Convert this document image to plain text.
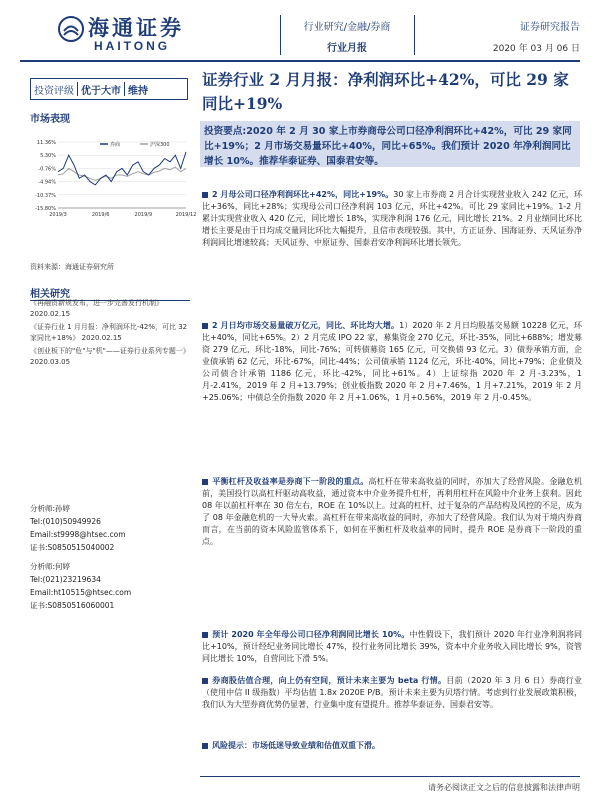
海通证券
HAITONG
行业研究/金融/券商
行业月报
证券研究报告
2020 年 03 月 06 日
投资评级 优于大市 维持
市场表现
11.36%
5.30%
-0.76%
-4.94%
-10.37%
-15.80%
2019/3	2019/6	2019/9	2019/12
券商	沪深300
资料来源：海通证券研究所
相关研究

《再融资新规发布，进一步完善发行机制》 2020.02.15

《证券行业 1 月月报：净利润环比-42%，可比 32 家同比+18%》 2020.02.15

《创业板下的"危"与"机"——证券行业系列专题一》 2020.03.05

分析师:孙婷

Tel:(010)50949926

Email:st9998@htsec.com

证书:S0850515040002

分析师:何婷

Tel:(021)23219634

Email:ht10515@htsec.com

证书:S0850516060001

证券行业 2 月月报：净利润环比+42%，可比 29 家同比+19%
投资要点:2020 年 2 月 30 家上市券商母公司口径净利润环比+42%，可比 29 家同比+19%；2 月市场交易量环比+40%，同比+65%。我们预计 2020 年净利润同比增长 10%。推荐华泰证券、国泰君安等。
2 月母公司口径净利润环比+42%，同比+19%。30 家上市券商 2 月合计实现营业收入 242 亿元，环比+36%，同比+28%；实现母公司口径净利润 103 亿元，环比+42%。可比 29 家同比+19%。1-2 月累计实现营业收入 420 亿元，同比增长 18%，实现净利润 176 亿元，同比增长 21%。2 月业绩同比环比增长主要是由于日均成交量同比环比大幅提升，且信市表现较强。其中，方正证券、国海证券、天风证券净利润同比增速较高；天风证券、中原证券、国泰君安净利润环比增长领先。
2 月日均市场交易量破万亿元，同比、环比均大增。1）2020 年 2 月日均股基交易额 10228 亿元，环比+40%，同比+65%。2）2 月完成 IPO 22 家，募集资金 270 亿元，环比-35%，同比+688%；增发募资 279 亿元，环比-18%，同比-76%；可转债募资 165 亿元，可交换债 93 亿元。3）债券承销方面，企业债承销 62 亿元，环比-67%，同比-44%；公司债承销 1124 亿元，环比-40%，同比+79%；企业债及公司债合计承销 1186 亿元，环比-42%，同比+61%。4）上证综指 2020 年 2 月-3.23%，1 月-2.41%，2019 年 2 月+13.79%；创业板指数 2020 年 2 月+7.46%，1 月+7.21%，2019 年 2 月+25.06%；中债总全价指数 2020 年 2 月+1.06%，1 月+0.56%，2019 年 2 月-0.45%。
平衡杠杆及收益率是券商下一阶段的重点。高杠杆在带来高收益的同时，亦加大了经营风险。金融危机前，美国投行以高杠杆驱动高收益，通过资本中介业务提升杠杆，再利用杠杆在风险中介业务上获利。因此 08 年以前杠杆率在 30 倍左右，ROE 在 10%以上。过高的杠杆、过于复杂的产品结构及风控的不足，成为了 08 年金融危机的一大导火索。高杠杆在带来高收益的同时，亦加大了经营风险。我们认为对于境内券商而言，在当前的资本风险监管体系下，如何在平衡杠杆及收益率的同时，提升 ROE 是券商下一阶段的重点。
预计 2020 年全年母公司口径净利润同比增长 10%。中性假设下，我们预计 2020 年行业净利润将同比+10%，预计经纪业务同比增长 47%，投行业务同比增长 39%，资本中介业务收入同比增长 9%，资管同比增长 10%，自营同比下滑 5%。
券商股估值合理，向上仍有空间，预计未来主要为 beta 行情。目前（2020 年 3 月 6 日）券商行业（使用中信 II 级指数）平均估值 1.8x 2020E P/B。预计未来主要为贝塔行情。考虑到行业发展政策积极，我们认为大型券商优势仍显著，行业集中度有望提升。推荐华泰证券、国泰君安等。
风险提示：市场低迷导致业绩和估值双重下滑。
请务必阅读正文之后的信息披露和法律声明
